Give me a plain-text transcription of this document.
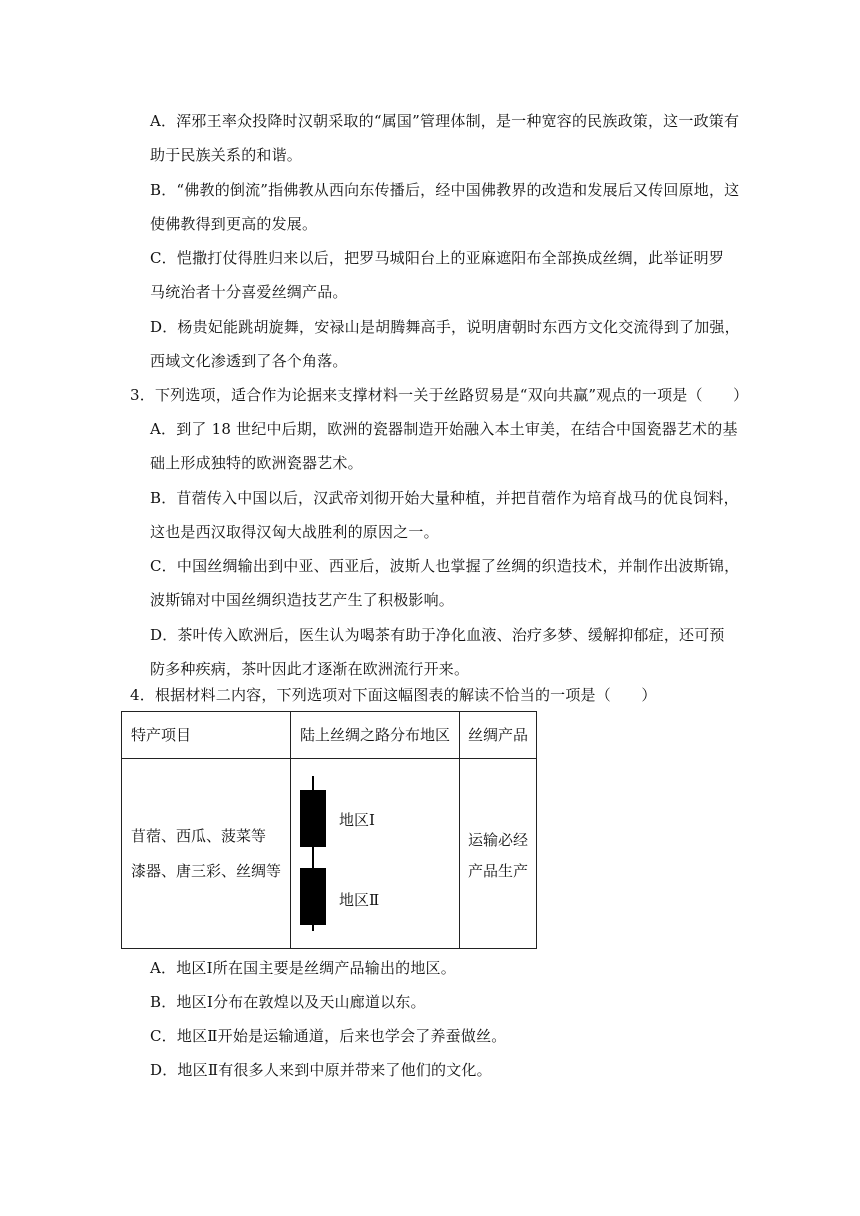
A．浑邪王率众投降时汉朝采取的“属国”管理体制，是一种宽容的民族政策，这一政策有
助于民族关系的和谐。
B．“佛教的倒流”指佛教从西向东传播后，经中国佛教界的改造和发展后又传回原地，这
使佛教得到更高的发展。
C．恺撒打仗得胜归来以后，把罗马城阳台上的亚麻遮阳布全部换成丝绸，此举证明罗
马统治者十分喜爱丝绸产品。
D．杨贵妃能跳胡旋舞，安禄山是胡腾舞高手，说明唐朝时东西方文化交流得到了加强，
西域文化渗透到了各个角落。
3．下列选项，适合作为论据来支撑材料一关于丝路贸易是“双向共赢”观点的一项是（　　）
A．到了 18 世纪中后期，欧洲的瓷器制造开始融入本土审美，在结合中国瓷器艺术的基
础上形成独特的欧洲瓷器艺术。
B．苜蓿传入中国以后，汉武帝刘彻开始大量种植，并把苜蓿作为培育战马的优良饲料，
这也是西汉取得汉匈大战胜利的原因之一。
C．中国丝绸输出到中亚、西亚后，波斯人也掌握了丝绸的织造技术，并制作出波斯锦，
波斯锦对中国丝绸织造技艺产生了积极影响。
D．茶叶传入欧洲后，医生认为喝茶有助于净化血液、治疗多梦、缓解抑郁症，还可预
防多种疾病，茶叶因此才逐渐在欧洲流行开来。
4．根据材料二内容，下列选项对下面这幅图表的解读不恰当的一项是（　　）
特产项目	陆上丝绸之路分布地区 丝绸产品
苜蓿、西瓜、菠菜等
漆器、唐三彩、丝绸等
地区Ⅰ
地区Ⅱ
运输必经
产品生产
A．地区Ⅰ所在国主要是丝绸产品输出的地区。
B．地区Ⅰ分布在敦煌以及天山廊道以东。
C．地区Ⅱ开始是运输通道，后来也学会了养蚕做丝。
D．地区Ⅱ有很多人来到中原并带来了他们的文化。
